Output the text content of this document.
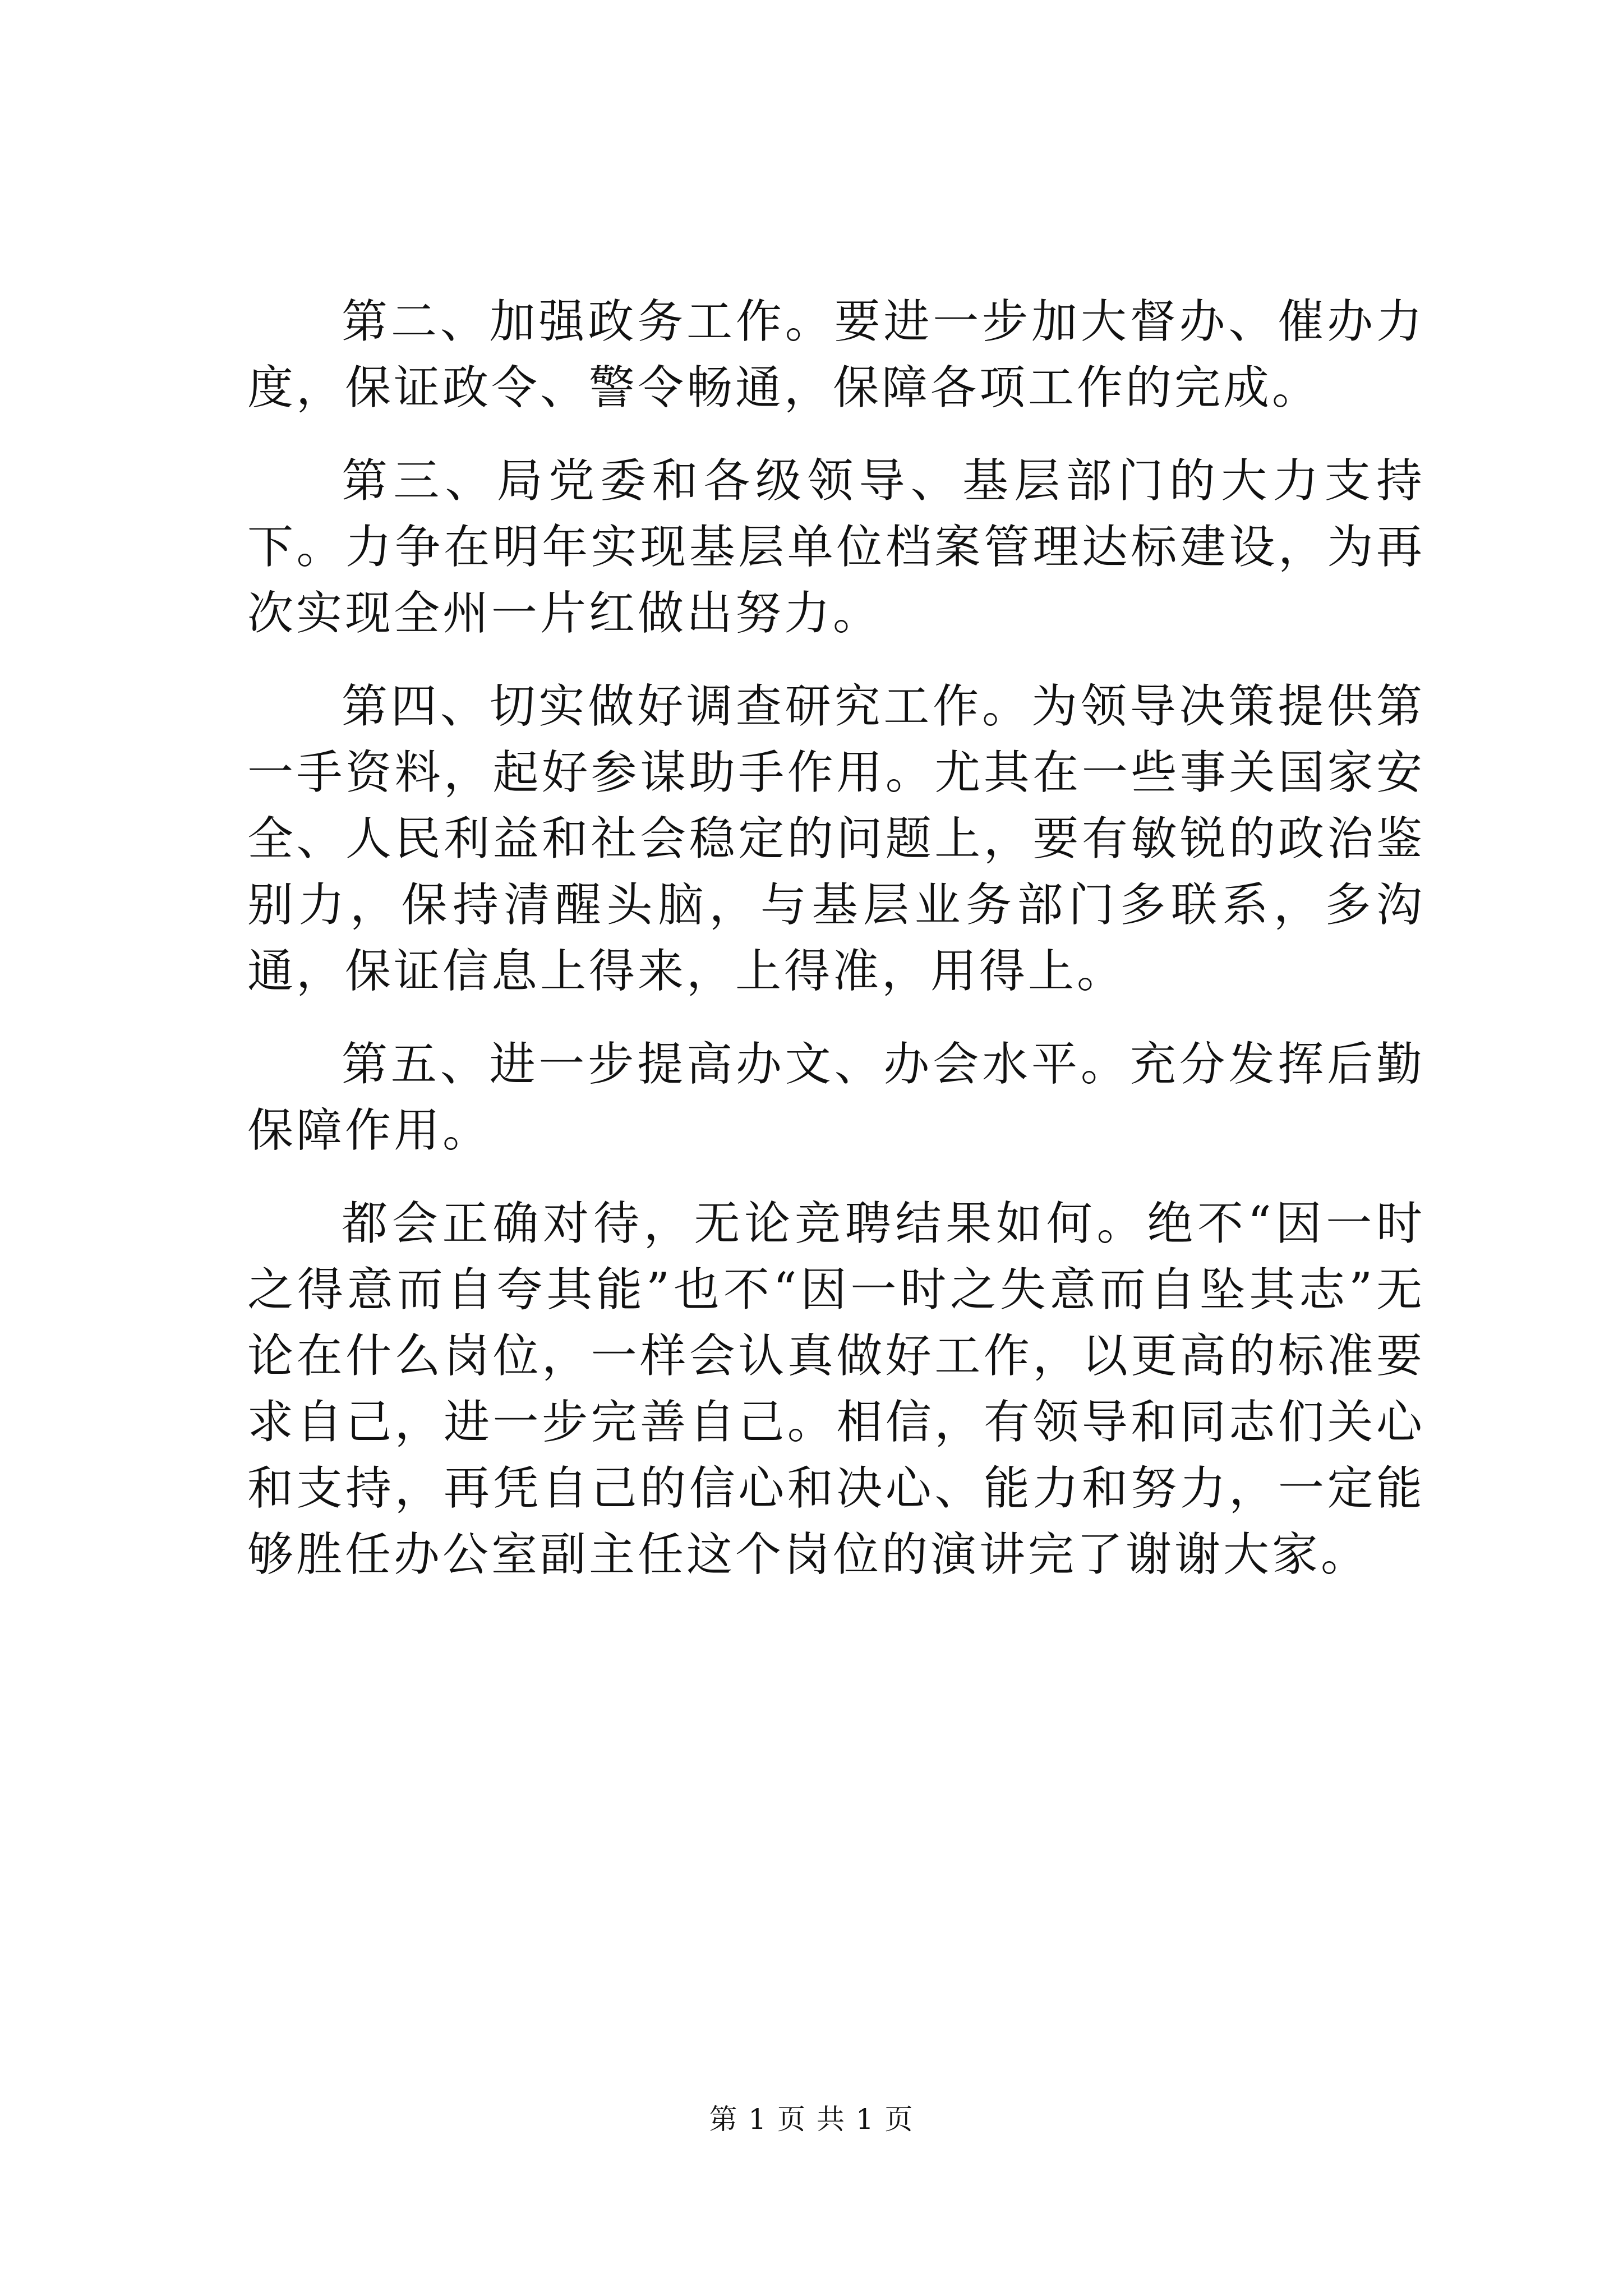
第二、加强政务工作。要进一步加大督办、催办力度，保证政令、警令畅通，保障各项工作的完成。

第三、局党委和各级领导、基层部门的大力支持下。力争在明年实现基层单位档案管理达标建设，为再次实现全州一片红做出努力。

第四、切实做好调查研究工作。为领导决策提供第一手资料，起好参谋助手作用。尤其在一些事关国家安全、人民利益和社会稳定的问题上，要有敏锐的政治鉴别力，保持清醒头脑，与基层业务部门多联系，多沟通，保证信息上得来，上得准，用得上。

第五、进一步提高办文、办会水平。充分发挥后勤保障作用。

都会正确对待，无论竞聘结果如何。绝不“因一时之得意而自夸其能”也不“因一时之失意而自坠其志”无论在什么岗位，一样会认真做好工作，以更高的标准要求自己，进一步完善自己。相信，有领导和同志们关心和支持，再凭自己的信心和决心、能力和努力，一定能够胜任办公室副主任这个岗位的演讲完了谢谢大家。

第 1 页 共 1 页
